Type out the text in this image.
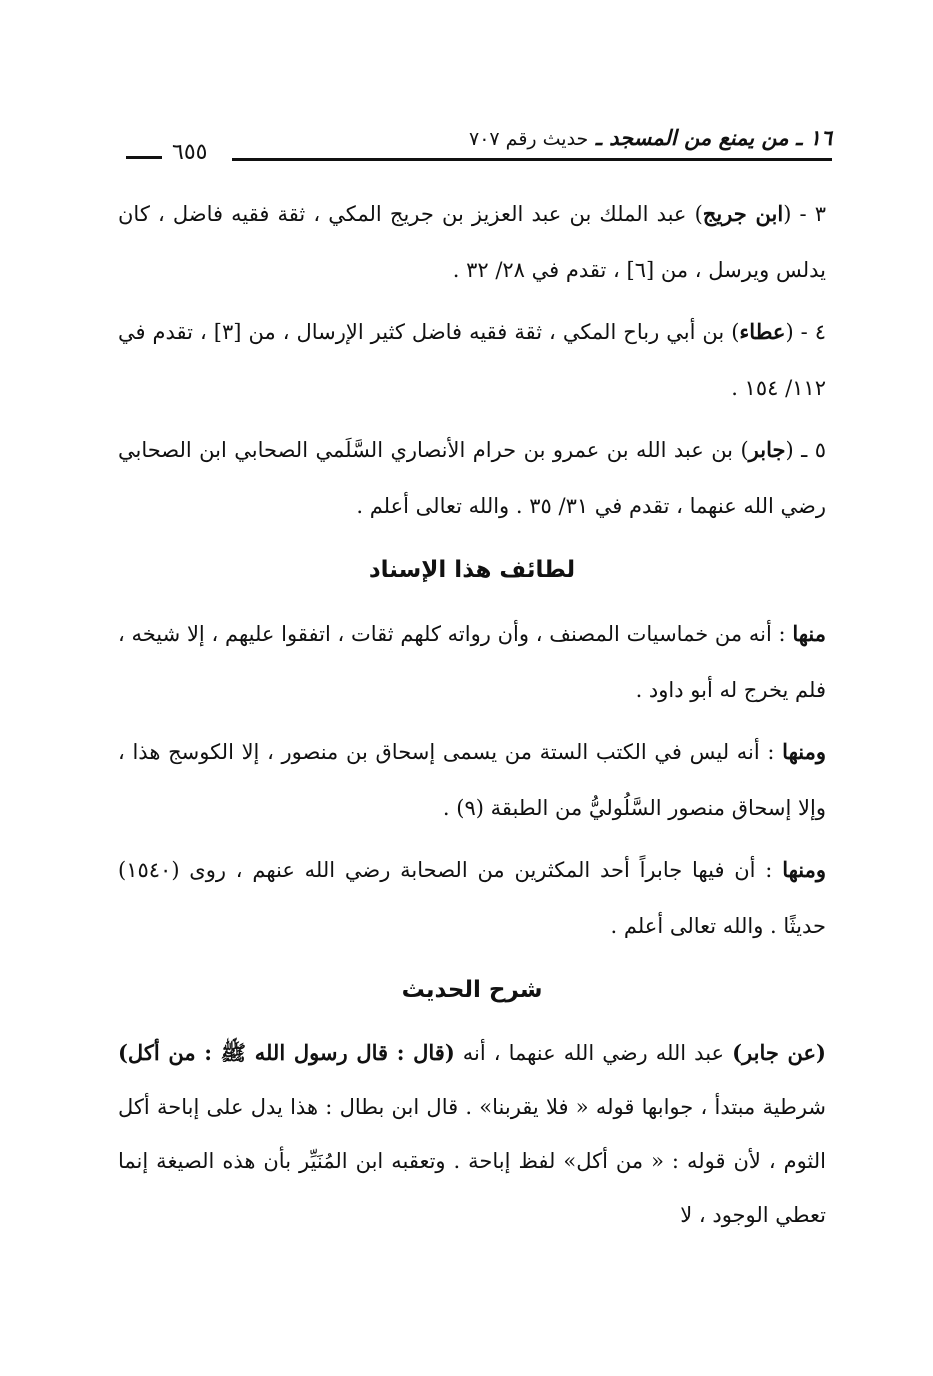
١٦ ـ من يمنع من المسجد ـ حديث رقم ٧٠٧
٦٥٥

٣ - (ابن جريج) عبد الملك بن عبد العزيز بن جريج المكي ، ثقة فقيه فاضل ، كان يدلس ويرسل ، من [٦] ، تقدم في ٢٨/ ٣٢ .

٤ - (عطاء) بن أبي رباح المكي ، ثقة فقيه فاضل كثير الإرسال ، من [٣] ، تقدم في ١١٢/ ١٥٤ .

٥ ـ (جابر) بن عبد الله بن عمرو بن حرام الأنصاري السَّلَمي الصحابي ابن الصحابي رضي الله عنهما ، تقدم في ٣١/ ٣٥ . والله تعالى أعلم .

لطائف هذا الإسناد

منها : أنه من خماسيات المصنف ، وأن رواته كلهم ثقات ، اتفقوا عليهم ، إلا شيخه ، فلم يخرج له أبو داود .

ومنها : أنه ليس في الكتب الستة من يسمى إسحاق بن منصور ، إلا الكوسج هذا ، وإلا إسحاق منصور السَّلُوليُّ من الطبقة (٩) .

ومنها : أن فيها جابراً أحد المكثرين من الصحابة رضي الله عنهم ، روى (١٥٤٠) حديثًا . والله تعالى أعلم .

شرح الحديث

(عن جابر) عبد الله رضي الله عنهما ، أنه (قال : قال رسول الله ﷺ : من أكل) شرطية مبتدأ ، جوابها قوله « فلا يقربنا» . قال ابن بطال : هذا يدل على إباحة أكل الثوم ، لأن قوله : « من أكل» لفظ إباحة . وتعقبه ابن المُنَيِّر بأن هذه الصيغة إنما تعطي الوجود ، لا
